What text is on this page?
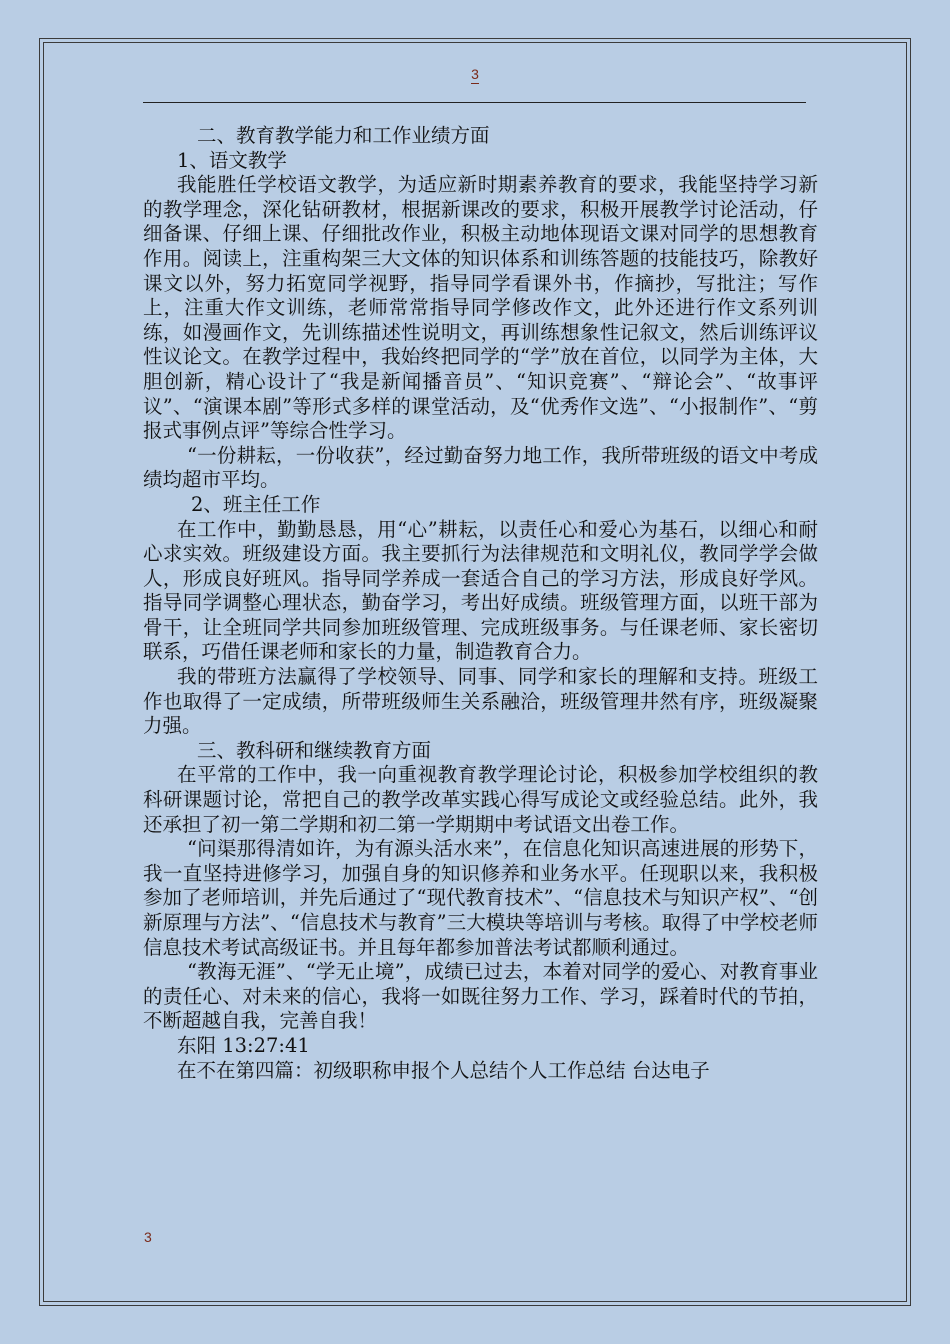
3

二、教育教学能力和工作业绩方面

1、语文教学

我能胜任学校语文教学，为适应新时期素养教育的要求，我能坚持学习新的教学理念，深化钻研教材，根据新课改的要求，积极开展教学讨论活动，仔细备课、仔细上课、仔细批改作业，积极主动地体现语文课对同学的思想教育作用。阅读上，注重构架三大文体的知识体系和训练答题的技能技巧，除教好课文以外，努力拓宽同学视野，指导同学看课外书，作摘抄，写批注；写作上，注重大作文训练，老师常常指导同学修改作文，此外还进行作文系列训练，如漫画作文，先训练描述性说明文，再训练想象性记叙文，然后训练评议性议论文。在教学过程中，我始终把同学的“学”放在首位，以同学为主体，大胆创新，精心设计了“我是新闻播音员”、“知识竞赛”、“辩论会”、“故事评议”、“演课本剧”等形式多样的课堂活动，及“优秀作文选”、“小报制作”、“剪报式事例点评”等综合性学习。

“一份耕耘，一份收获”，经过勤奋努力地工作，我所带班级的语文中考成绩均超市平均。

2、班主任工作

在工作中，勤勤恳恳，用“心”耕耘，以责任心和爱心为基石，以细心和耐心求实效。班级建设方面。我主要抓行为法律规范和文明礼仪，教同学学会做人，形成良好班风。指导同学养成一套适合自己的学习方法，形成良好学风。指导同学调整心理状态，勤奋学习，考出好成绩。班级管理方面，以班干部为骨干，让全班同学共同参加班级管理、完成班级事务。与任课老师、家长密切联系，巧借任课老师和家长的力量，制造教育合力。

我的带班方法赢得了学校领导、同事、同学和家长的理解和支持。班级工作也取得了一定成绩，所带班级师生关系融洽，班级管理井然有序，班级凝聚力强。

三、教科研和继续教育方面

在平常的工作中，我一向重视教育教学理论讨论，积极参加学校组织的教科研课题讨论，常把自己的教学改革实践心得写成论文或经验总结。此外，我还承担了初一第二学期和初二第一学期期中考试语文出卷工作。

“问渠那得清如许，为有源头活水来”，在信息化知识高速进展的形势下，我一直坚持进修学习，加强自身的知识修养和业务水平。任现职以来，我积极参加了老师培训，并先后通过了“现代教育技术”、“信息技术与知识产权”、“创新原理与方法”、“信息技术与教育”三大模块等培训与考核。取得了中学校老师信息技术考试高级证书。并且每年都参加普法考试都顺利通过。

“教海无涯”、“学无止境”，成绩已过去，本着对同学的爱心、对教育事业的责任心、对未来的信心，我将一如既往努力工作、学习，踩着时代的节拍，不断超越自我，完善自我！

东阳 13:27:41

在不在第四篇：初级职称申报个人总结个人工作总结 台达电子

3
